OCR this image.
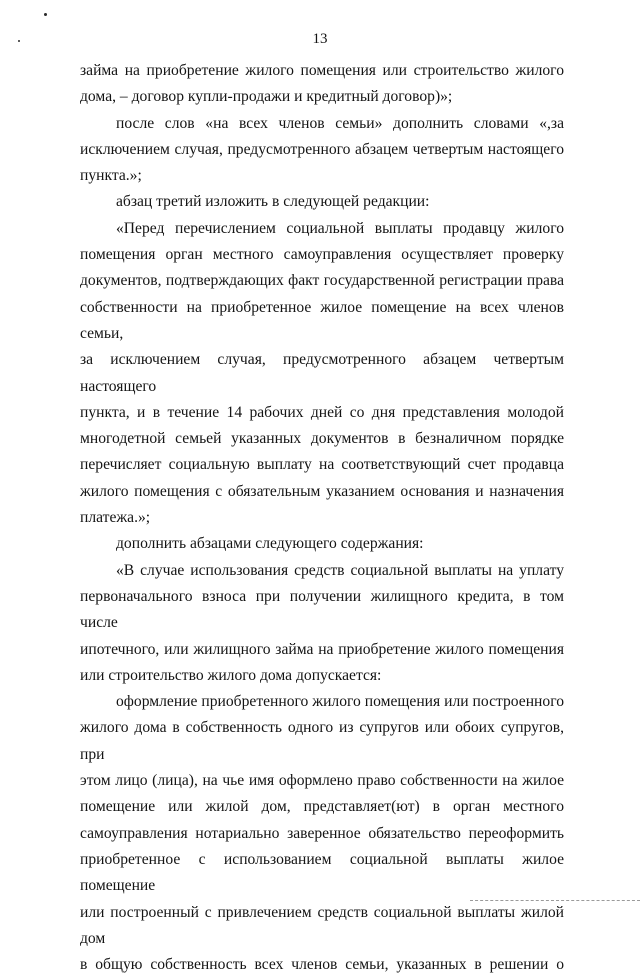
13

займа на приобретение жилого помещения или строительство жилого

дома, – договор купли-продажи и кредитный договор)»;

после слов «на всех членов семьи» дополнить словами «,за

исключением случая, предусмотренного абзацем четвертым настоящего

пункта.»;

абзац третий изложить в следующей редакции:

«Перед перечислением социальной выплаты продавцу жилого

помещения орган местного самоуправления осуществляет проверку

документов, подтверждающих факт государственной регистрации права

собственности на приобретенное жилое помещение на всех членов семьи,

за исключением случая, предусмотренного абзацем четвертым настоящего

пункта, и в течение 14 рабочих дней со дня представления молодой

многодетной семьей указанных документов в безналичном порядке

перечисляет социальную выплату на соответствующий счет продавца

жилого помещения с обязательным указанием основания и назначения

платежа.»;

дополнить абзацами следующего содержания:

«В случае использования средств социальной выплаты на уплату

первоначального взноса при получении жилищного кредита, в том числе

ипотечного, или жилищного займа на приобретение жилого помещения

или строительство жилого дома допускается:

оформление приобретенного жилого помещения или построенного

жилого дома в собственность одного из супругов или обоих супругов, при

этом лицо (лица), на чье имя оформлено право собственности на жилое

помещение или жилой дом, представляет(ют) в орган местного

самоуправления нотариально заверенное обязательство переоформить

приобретенное с использованием социальной выплаты жилое помещение

или построенный с привлечением средств социальной выплаты жилой дом

в общую собственность всех членов семьи, указанных в решении о
